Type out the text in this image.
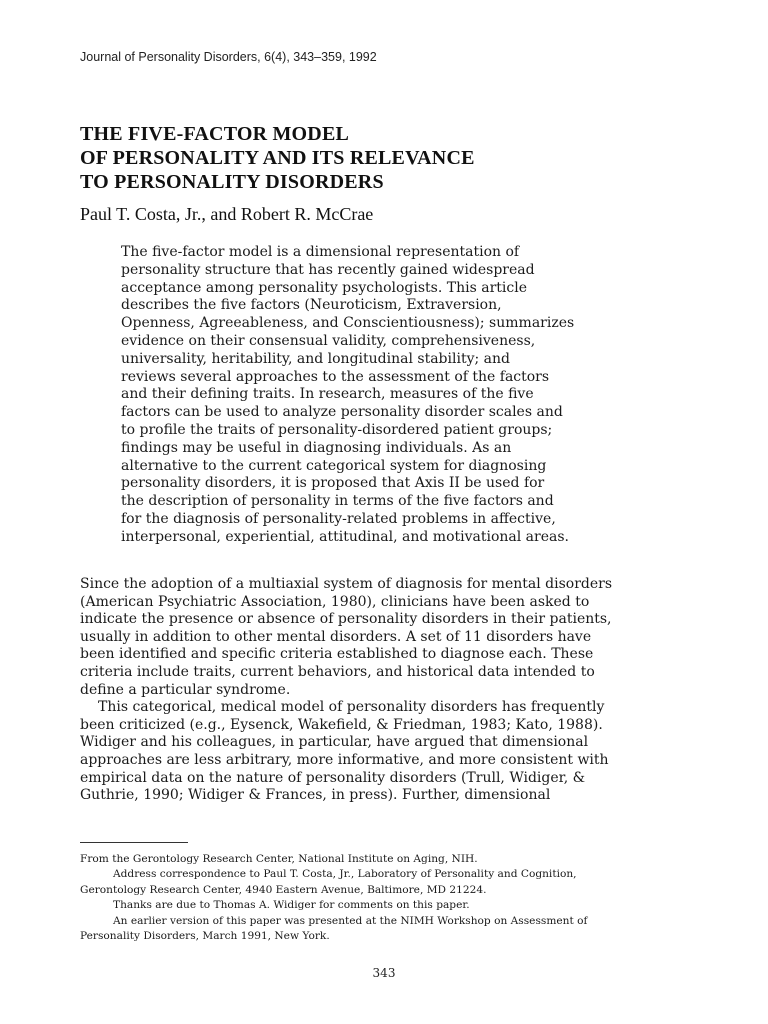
Journal of Personality Disorders, 6(4), 343–359, 1992
THE FIVE-FACTOR MODEL
OF PERSONALITY AND ITS RELEVANCE
TO PERSONALITY DISORDERS
Paul T. Costa, Jr., and Robert R. McCrae
The five-factor model is a dimensional representation of
personality structure that has recently gained widespread
acceptance among personality psychologists. This article
describes the five factors (Neuroticism, Extraversion,
Openness, Agreeableness, and Conscientiousness); summarizes
evidence on their consensual validity, comprehensiveness,
universality, heritability, and longitudinal stability; and
reviews several approaches to the assessment of the factors
and their defining traits. In research, measures of the five
factors can be used to analyze personality disorder scales and
to profile the traits of personality-disordered patient groups;
findings may be useful in diagnosing individuals. As an
alternative to the current categorical system for diagnosing
personality disorders, it is proposed that Axis II be used for
the description of personality in terms of the five factors and
for the diagnosis of personality-related problems in affective,
interpersonal, experiential, attitudinal, and motivational areas.
Since the adoption of a multiaxial system of diagnosis for mental disorders
(American Psychiatric Association, 1980), clinicians have been asked to
indicate the presence or absence of personality disorders in their patients,
usually in addition to other mental disorders. A set of 11 disorders have
been identified and specific criteria established to diagnose each. These
criteria include traits, current behaviors, and historical data intended to
define a particular syndrome.
This categorical, medical model of personality disorders has frequently
been criticized (e.g., Eysenck, Wakefield, & Friedman, 1983; Kato, 1988).
Widiger and his colleagues, in particular, have argued that dimensional
approaches are less arbitrary, more informative, and more consistent with
empirical data on the nature of personality disorders (Trull, Widiger, &
Guthrie, 1990; Widiger & Frances, in press). Further, dimensional
From the Gerontology Research Center, National Institute on Aging, NIH.
Address correspondence to Paul T. Costa, Jr., Laboratory of Personality and Cognition,
Gerontology Research Center, 4940 Eastern Avenue, Baltimore, MD 21224.
Thanks are due to Thomas A. Widiger for comments on this paper.
An earlier version of this paper was presented at the NIMH Workshop on Assessment of
Personality Disorders, March 1991, New York.
343
